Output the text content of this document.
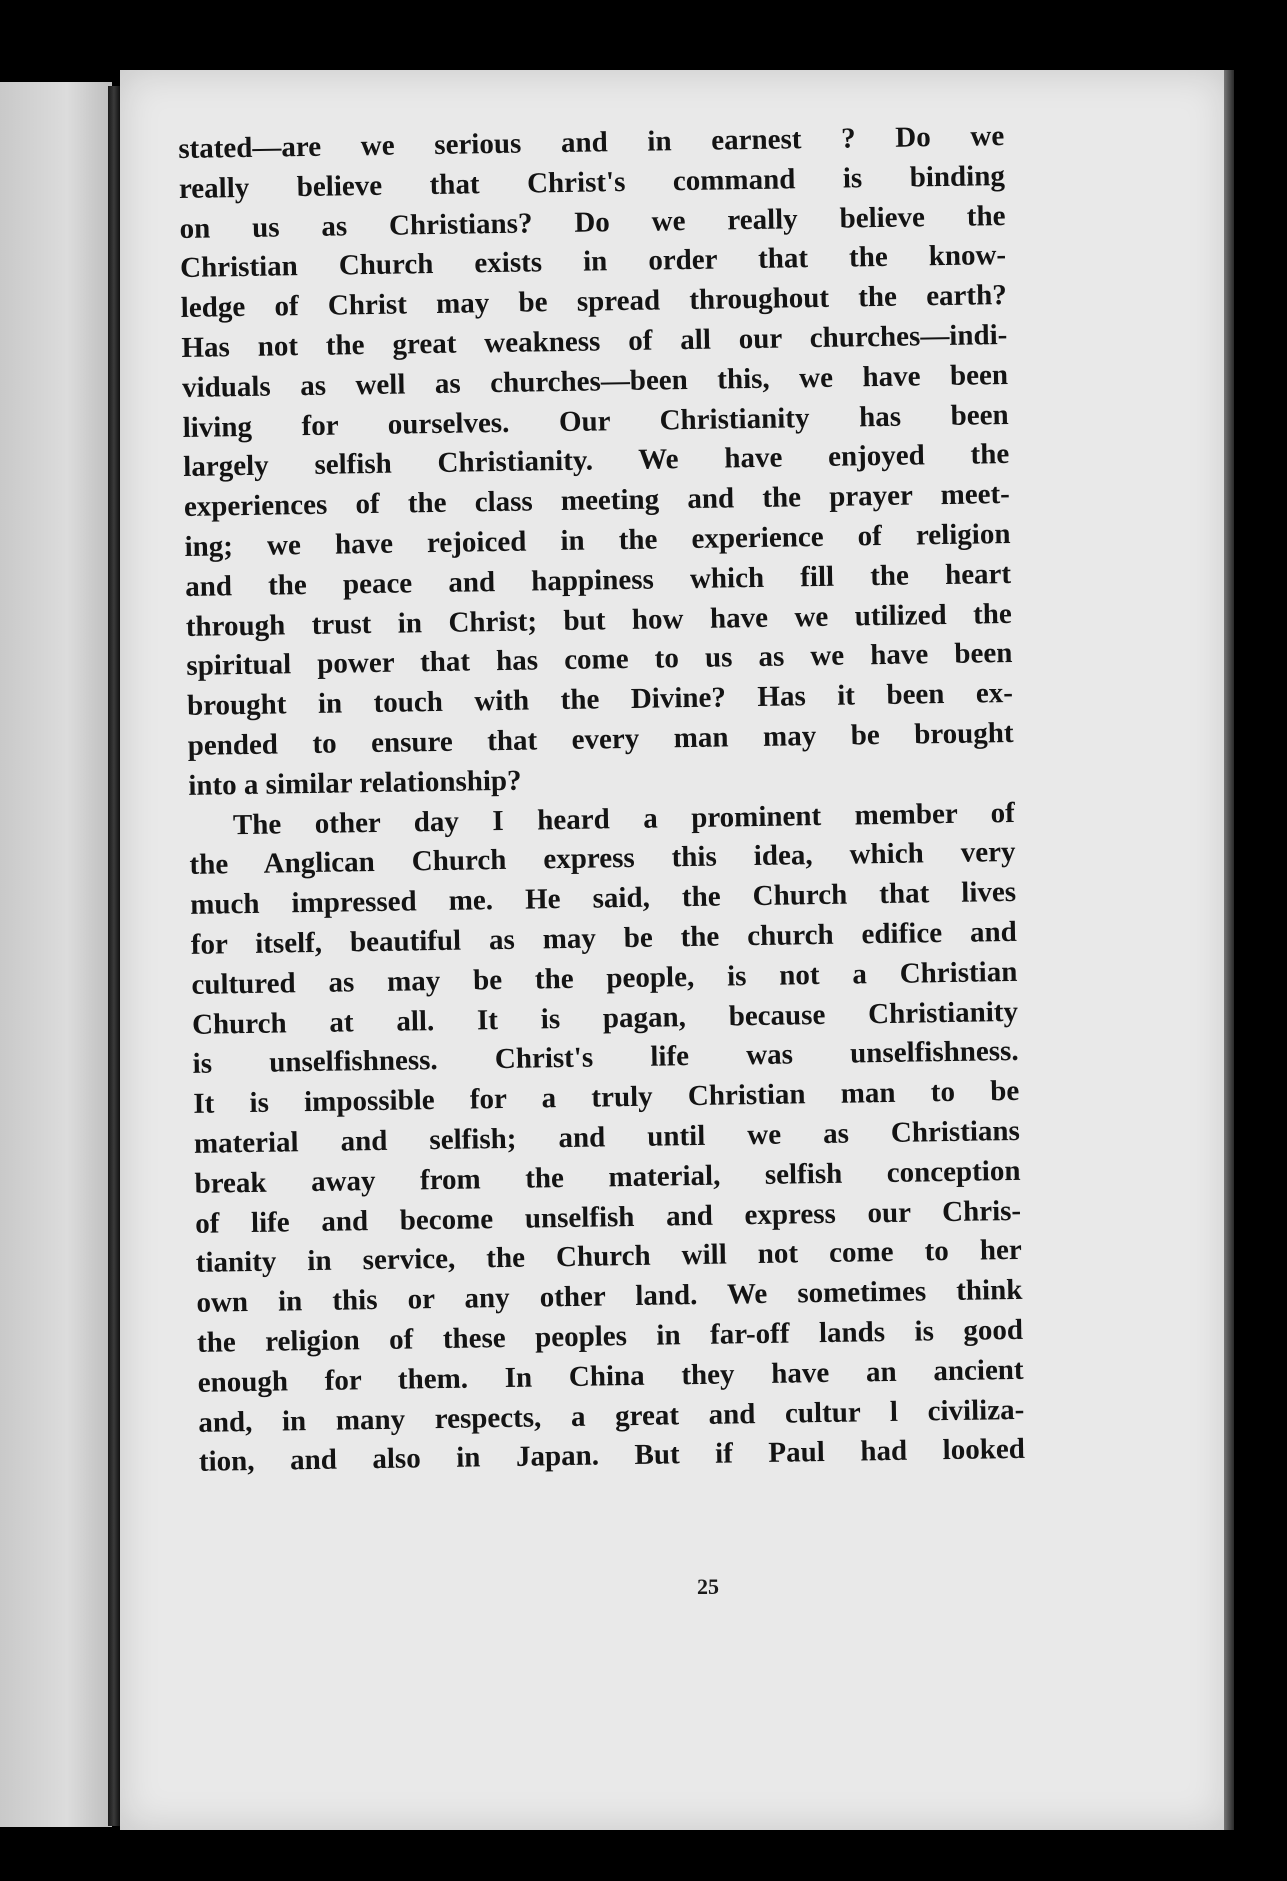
stated—are we serious and in earnest ? Do we
really believe that Christ's command is binding
on us as Christians? Do we really believe the
Christian Church exists in order that the know-
ledge of Christ may be spread throughout the earth?
Has not the great weakness of all our churches—indi-
viduals as well as churches—been this, we have been
living for ourselves. Our Christianity has been
largely selfish Christianity. We have enjoyed the
experiences of the class meeting and the prayer meet-
ing; we have rejoiced in the experience of religion
and the peace and happiness which fill the heart
through trust in Christ; but how have we utilized the
spiritual power that has come to us as we have been
brought in touch with the Divine? Has it been ex-
pended to ensure that every man may be brought
into a similar relationship?

The other day I heard a prominent member of
the Anglican Church express this idea, which very
much impressed me. He said, the Church that lives
for itself, beautiful as may be the church edifice and
cultured as may be the people, is not a Christian
Church at all. It is pagan, because Christianity
is unselfishness. Christ's life was unselfishness.
It is impossible for a truly Christian man to be
material and selfish; and until we as Christians
break away from the material, selfish conception
of life and become unselfish and express our Chris-
tianity in service, the Church will not come to her
own in this or any other land. We sometimes think
the religion of these peoples in far-off lands is good
enough for them. In China they have an ancient
and, in many respects, a great and cultur l civiliza-
tion, and also in Japan. But if Paul had looked

25
